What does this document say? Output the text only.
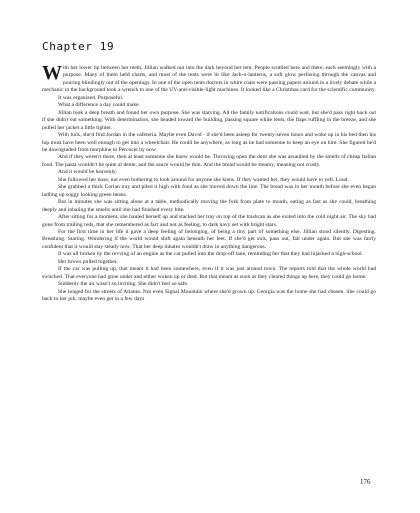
Chapter 19

With her lower lip between her teeth, Jillian walked out into the dark beyond her tent. People scuttled here and there, each seemingly with a purpose. Many of them held charts, and most of the tents were lit like Jack-o-lanterns, a soft glow perfusing through the canvas and pouring blindingly out of the openings. In one of the open tents doctors in white coats were passing papers around in a lively debate while a mechanic in the background took a wrench to one of the UV-and-visible-light machines. It looked like a Christmas card for the scientific community.

It was organized. Purposeful.

What a difference a day could make.

Jillian took a deep breath and found her own purpose. She was starving. All the family notifications could wait, but she'd pass right back out if she didn't eat something. With determination, she headed toward the building, passing square white tents, the flaps ruffling in the breeze, and she pulled her jacket a little tighter.

With luck, she'd find Jordan in the cafeteria. Maybe even David - if she'd been asleep for twenty-seven hours and woke up in his bed then his hip must have been well enough to get into a wheelchair. He could be anywhere, as long as he had someone to keep an eye on him. She figured he'd be downgraded from morphine to Percocet by now.

And if they weren't there, then at least someone she knew would be. Throwing open the door she was assaulted by the smells of cheap Italian food. The pasta wouldn't be quite al dente, and the sauce would be thin. And the bread would be steamy, meaning not crusty.

And it would be heavenly.

She followed her nose, not even bothering to look around for anyone she knew. If they wanted her, they would have to yell. Loud.

She grabbed a thick Corian tray and piled it high with food as she moved down the line. The bread was in her mouth before she even began ladling up soggy looking green beans.

But in minutes she was sitting alone at a table, methodically moving the fork from plate to mouth, eating as fast as she could, breathing deeply and inhaling the smells until she had finished every bite.

After sitting for a moment, she hauled herself up and stacked her tray on top of the trashcan as she exited into the cold night air. The sky had gone from trailing reds, that she remembered as fact and not as feeling, to dark navy set with bright stars.

For the first time in her life it gave a deep feeling of belonging, of being a tiny part of something else. Jillian stood silently. Digesting. Breathing. Staring. Wondering if the world would shift again beneath her feet. If she'd get sick, pass out, fall under again. But she was fairly confident that it would stay steady now. That her deep inhales wouldn't draw in anything dangerous.

It was all broken by the revving of an engine as the car pulled into the drop-off lane, reminding her that they had hijacked a high-school.

Her brows pulled together.

If the car was pulling up, that meant it had been somewhere, even if it was just around town. The reports told that the whole world had switched. That everyone had gone under and either woken up or died. But that meant as soon as they cleared things up here, they could go home.

Suddenly the air wasn't so inviting. She didn't feel so safe.

She longed for the streets of Atlanta. Not even Signal Mountain where she'd grown up. Georgia was the home she had chosen. She could go back to her job, maybe even get in a few days

176
